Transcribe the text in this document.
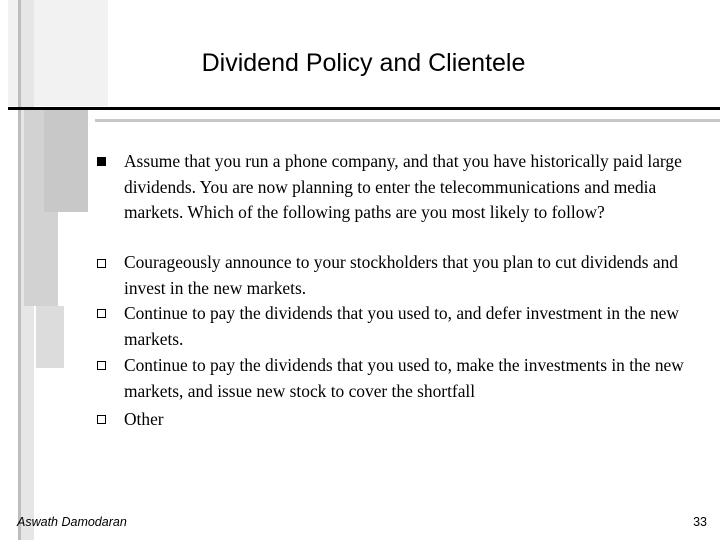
Dividend Policy and Clientele
Assume that you run a phone company, and that you have historically paid large dividends. You are now planning to enter the telecommunications and media markets. Which of the following paths are you most likely to follow?
Courageously announce to your stockholders that you plan to cut dividends and invest in the new markets.
Continue to pay the dividends that you used to, and defer investment in the new markets.
Continue to pay the dividends that you used to, make the investments in the new markets, and issue new stock to cover the shortfall
Other
Aswath Damodaran	33
